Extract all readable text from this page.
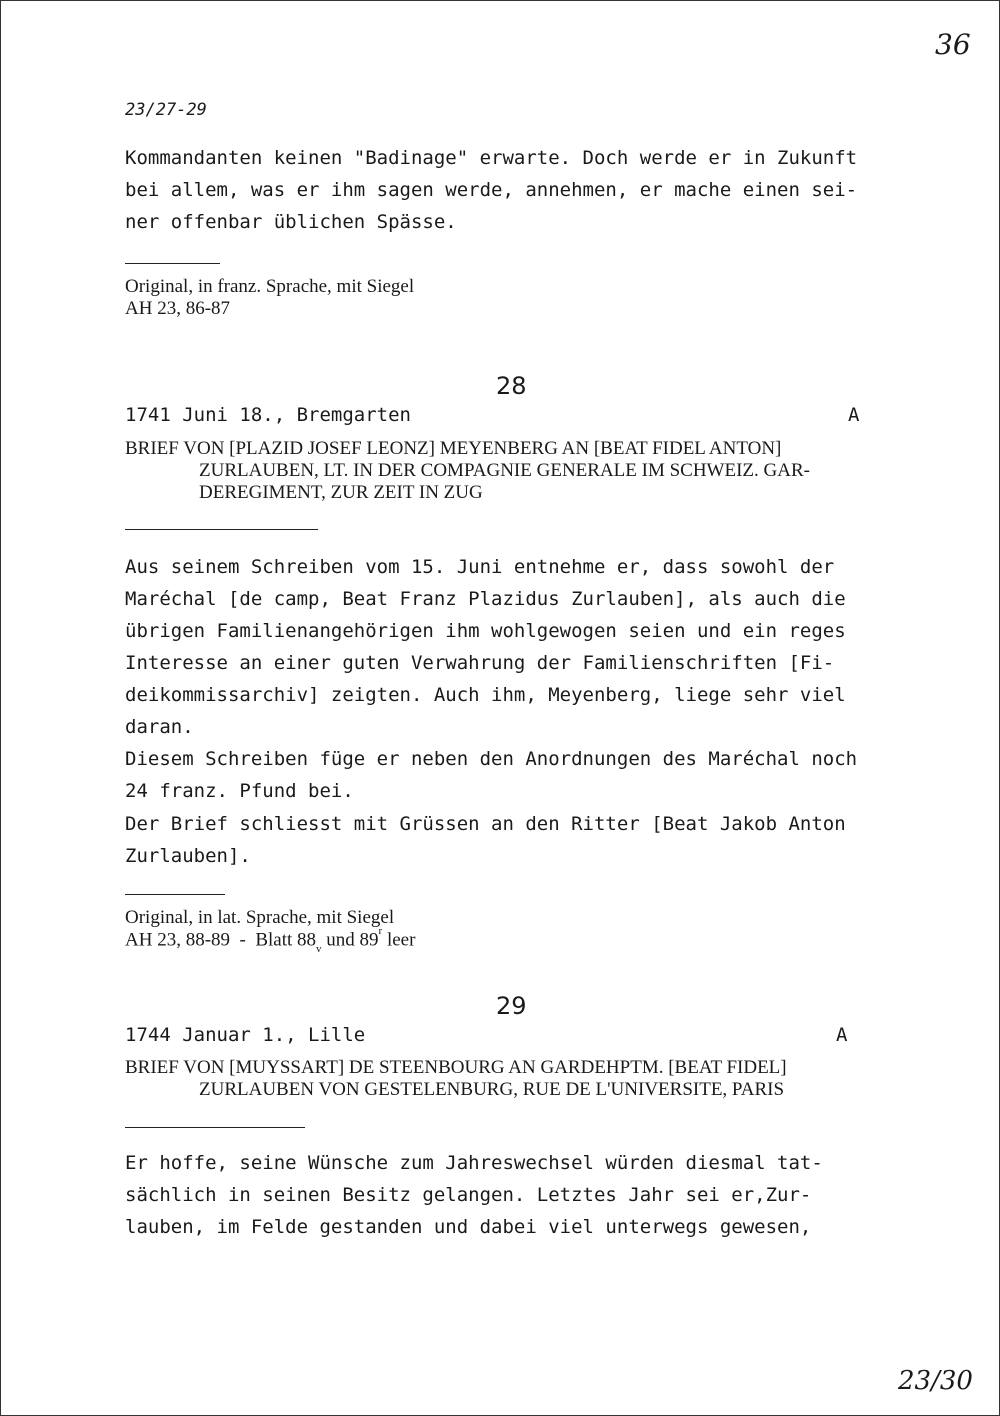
36
23/27-29
Kommandanten keinen "Badinage" erwarte. Doch werde er in Zukunft
bei allem, was er ihm sagen werde, annehmen, er mache einen sei-
ner offenbar üblichen Spässe.
Original, in franz. Sprache, mit Siegel
AH 23, 86-87
28
1741 Juni 18., Bremgarten	A
BRIEF VON [PLAZID JOSEF LEONZ] MEYENBERG AN [BEAT FIDEL ANTON]
ZURLAUBEN, LT. IN DER COMPAGNIE GENERALE IM SCHWEIZ. GAR-
DEREGIMENT, ZUR ZEIT IN ZUG
Aus seinem Schreiben vom 15. Juni entnehme er, dass sowohl der
Maréchal [de camp, Beat Franz Plazidus Zurlauben], als auch die
übrigen Familienangehörigen ihm wohlgewogen seien und ein reges
Interesse an einer guten Verwahrung der Familienschriften [Fi-
deikommissarchiv] zeigten. Auch ihm, Meyenberg, liege sehr viel
daran.
Diesem Schreiben füge er neben den Anordnungen des Maréchal noch
24 franz. Pfund bei.
Der Brief schliesst mit Grüssen an den Ritter [Beat Jakob Anton
Zurlauben].
Original, in lat. Sprache, mit Siegel
AH 23, 88-89  -  Blatt $88_v$ und 89$^r$ leer
29
1744 Januar 1., Lille	A
BRIEF VON [MUYSSART] DE STEENBOURG AN GARDEHPTM. [BEAT FIDEL]
ZURLAUBEN VON GESTELENBURG, RUE DE L'UNIVERSITE, PARIS
Er hoffe, seine Wünsche zum Jahreswechsel würden diesmal tat-
sächlich in seinen Besitz gelangen. Letztes Jahr sei er,Zur-
lauben, im Felde gestanden und dabei viel unterwegs gewesen,
23/30
